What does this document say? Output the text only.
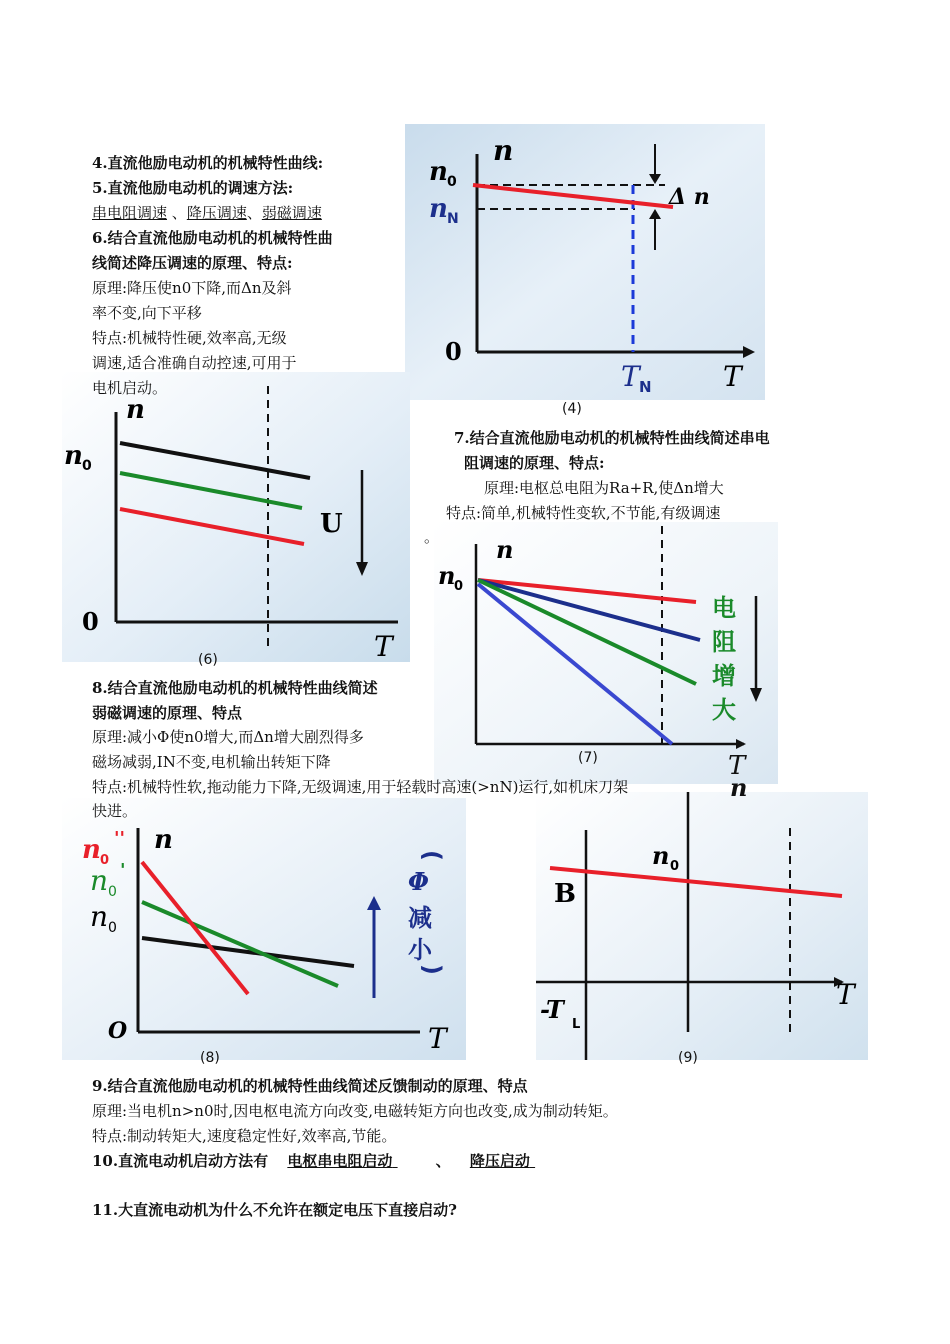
n
n 0
n N
Δ n
0
T N	T
(4)
n
n 0
0
T
U
n
n
0
电
阻
增
大
(7)	T
n
n 0
''
n 0
'
n 0
O	T
(
Φ
减
小
)
(8)
n 0
B
-T
L
T
n
(9)
4.直流他励电动机的机械特性曲线:
5.直流他励电动机的调速方法:
串电阻调速 、降压调速、弱磁调速
6.结合直流他励电动机的机械特性曲
线简述降压调速的原理、特点:
原理:降压使n0下降,而Δn及斜
率不变,向下平移
特点:机械特性硬,效率高,无级
调速,适合准确自动控速,可用于
电机启动。
(6)
7.结合直流他励电动机的机械特性曲线简述串电
阻调速的原理、特点:
原理:电枢总电阻为Ra+R,使Δn增大
特点:简单,机械特性变软,不节能,有级调速
。
8.结合直流他励电动机的机械特性曲线简述
弱磁调速的原理、特点
原理:减小Φ使n0增大,而Δn增大剧烈得多
磁场减弱,IN不变,电机输出转矩下降
特点:机械特性软,拖动能力下降,无级调速,用于轻载时高速(>nN)运行,如机床刀架
快进。
9.结合直流他励电动机的机械特性曲线简述反馈制动的原理、特点
原理:当电机n>n0时,因电枢电流方向改变,电磁转矩方向也改变,成为制动转矩。
特点:制动转矩大,速度稳定性好,效率高,节能。
10.直流电动机启动方法有 电枢串电阻启动	、 降压启动
11.大直流电动机为什么不允许在额定电压下直接启动?
